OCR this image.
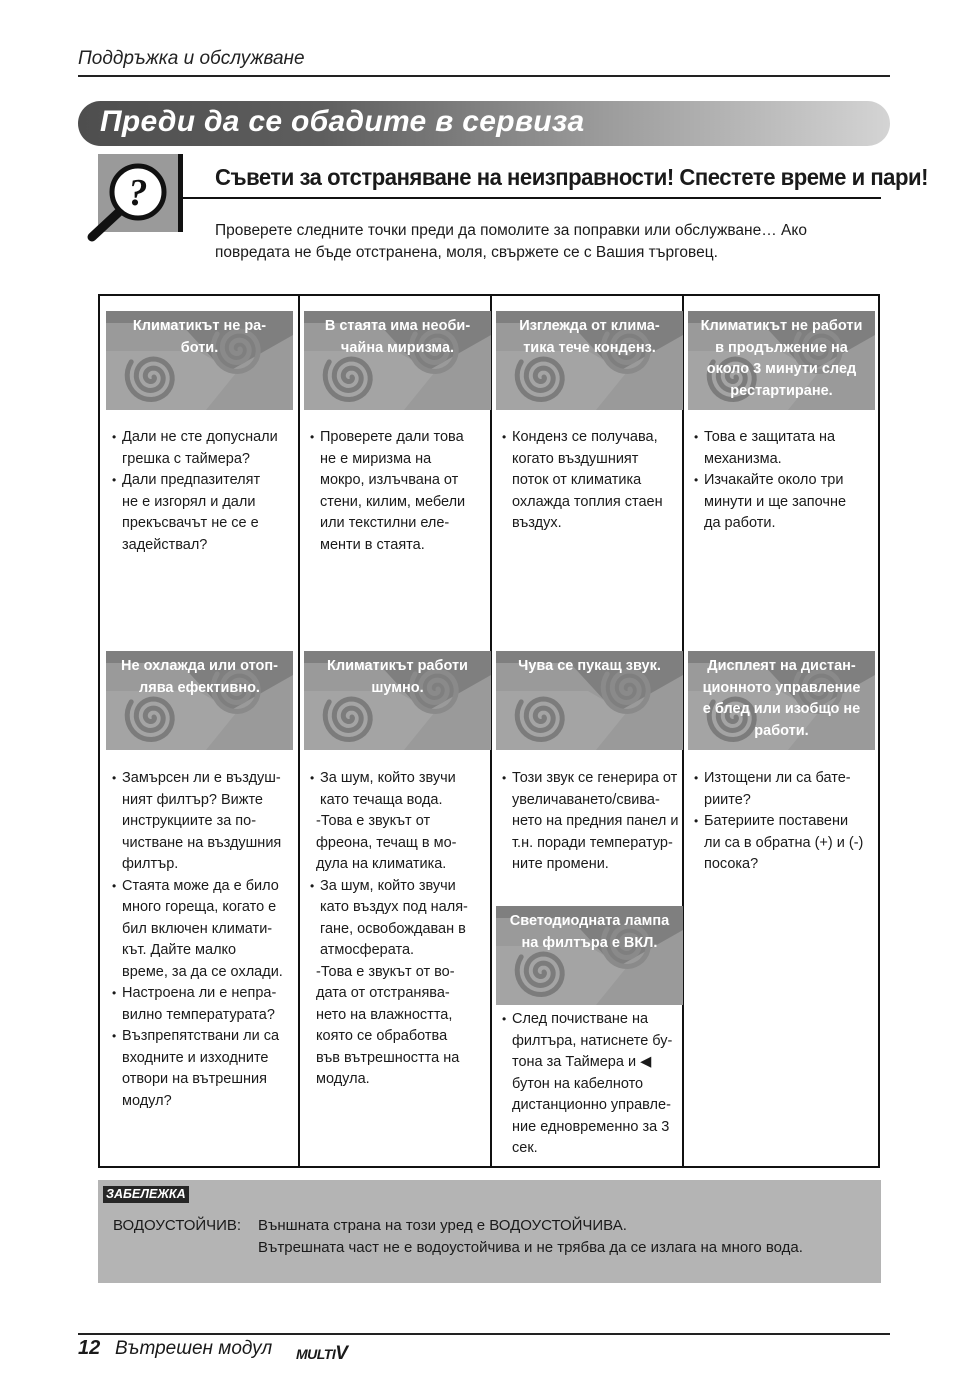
Поддръжка и обслужване
Преди да се обадите в сервиза
?	Съвети за отстраняване на неизправности! Спестете време и пари!
Проверете следните точки преди да помолите за поправки или обслужване… Ако
повредата не бъде отстранена, моля, свържете се с Вашия търговец.
Климатикът не ра-
боти.
• Дали не сте допуснали
грешка с таймера?
• Дали предпазителят
не е изгорял и дали
прекъсвачът не се е
задействал?
В стаята има необи-
чайна миризма.
• Проверете дали това
не е миризма на
мокро, излъчвана от
стени, килим, мебели
или текстилни еле-
менти в стаята.
Изглежда от клима-
тика тече конденз.
• Конденз се получава,
когато въздушният
поток от климатика
охлажда топлия стаен
въздух.
Климатикът не работи
в продължение на
около 3 минути след
рестартиране.
• Това е защитата на
механизма.
• Изчакайте около три
минути и ще започне
да работи.
Не охлажда или отоп-
лява ефективно.
• Замърсен ли е въздуш-
ният филтър? Вижте
инструкциите за по-
чистване на въздушния
филтър.
• Стаята може да е било
много гореща, когато е
бил включен климати-
кът. Дайте малко
време, за да се охлади.
• Настроена ли е непра-
вилно температурата?
• Възпрепятствани ли са
входните и изходните
отвори на вътрешния
модул?
Климатикът работи
шумно.
• За шум, който звучи
като течаща вода.
-Това е звукът от
фреона, течащ в мо-
дула на климатика.
• За шум, който звучи
като въздух под наля-
гане, освобождаван в
атмосферата.
-Това е звукът от во-
дата от отстранява-
нето на влажността,
която се обработва
във вътрешността на
модула.
Чува се пукащ звук.
• Този звук се генерира от
увеличаването/свива-
нето на предния панел и
т.н. поради температур-
ните промени.
Дисплеят на дистан-
ционното управление
е блед или изобщо не
работи.
• Изтощени ли са бате-
риите?
• Батериите поставени
ли са в обратна (+) и (-)
посока?
Светодиодната лампа
на филтъра е ВКЛ.
• След почистване на
филтъра, натиснете бу-
тона за Таймера и ◀
бутон на кабелното
дистанционно управле-
ние едновременно за 3
сек.
ЗАБЕЛЕЖКА
ВОДОУСТОЙЧИВ: Външната страна на този уред е ВОДОУСТОЙЧИВА.
Вътрешната част не е водоустойчива и не трябва да се излага на много вода.
12 Вътрешен модул MULTIV
